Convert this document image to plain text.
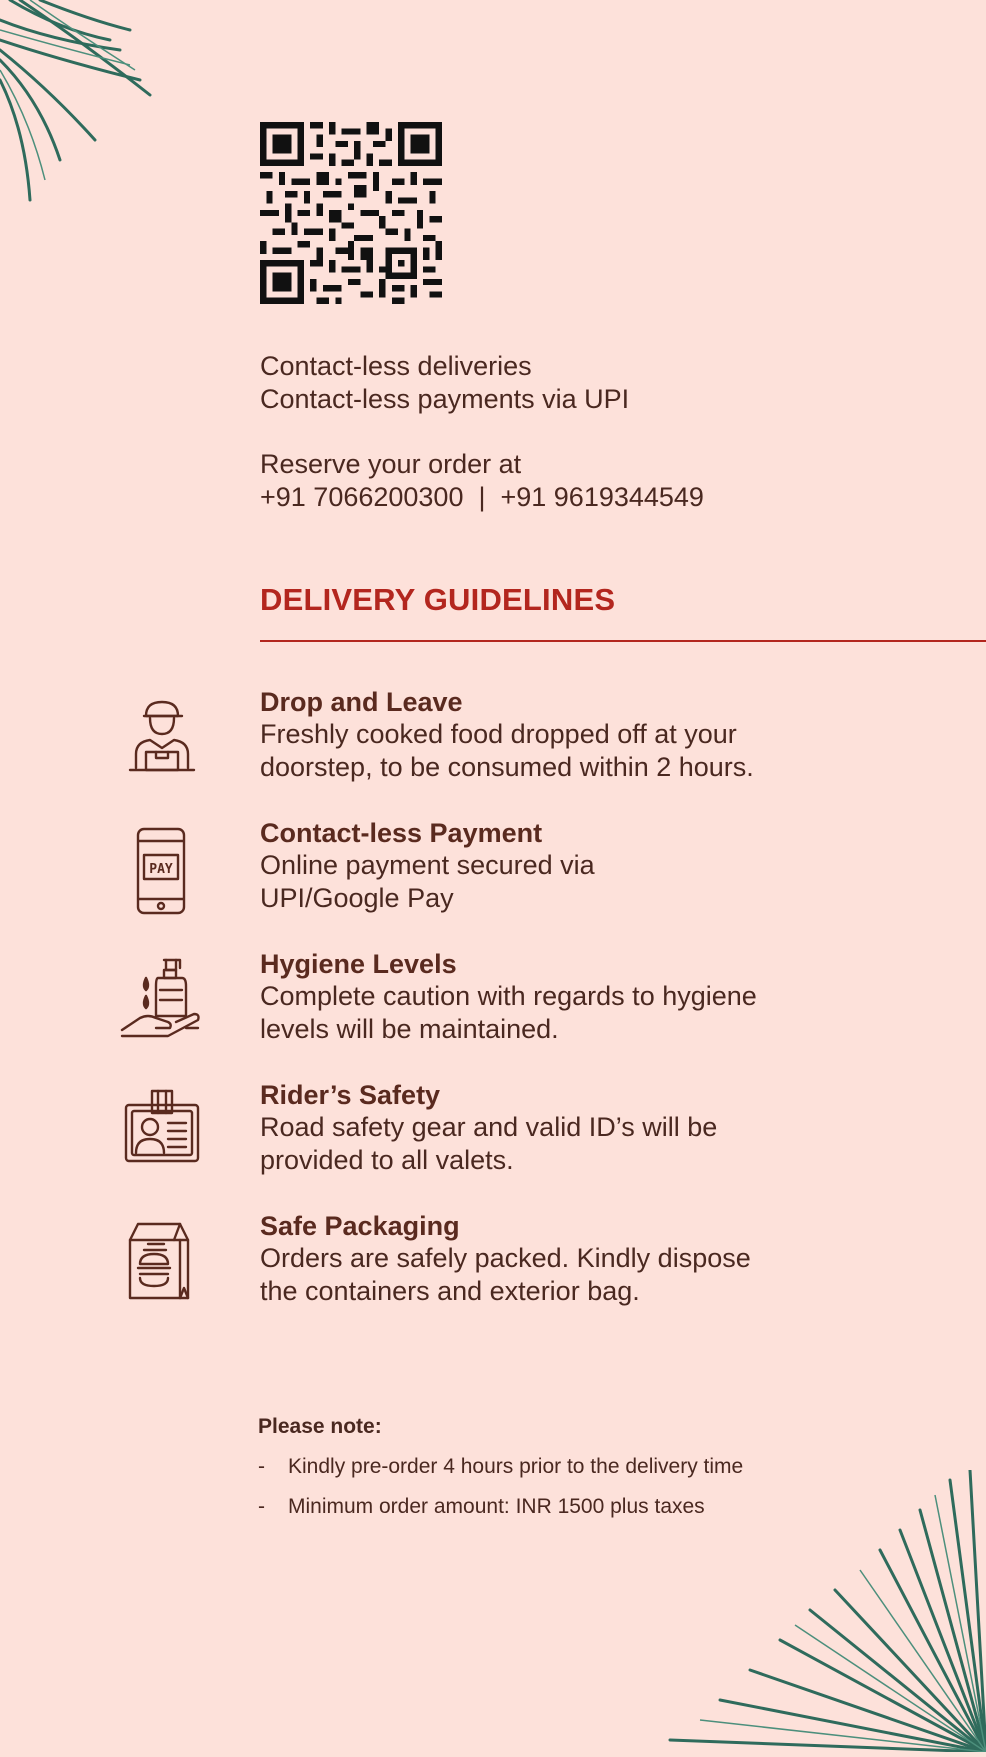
Contact-less deliveries

Contact-less payments via UPI

Reserve your order at

+91 7066200300  |  +91 9619344549

DELIVERY GUIDELINES
Drop and Leave
Freshly cooked food dropped off at your
doorstep, to be consumed within 2 hours.
PAY
Contact-less Payment
Online payment secured via
UPI/Google Pay
Hygiene Levels
Complete caution with regards to hygiene
levels will be maintained.
Rider’s Safety
Road safety gear and valid ID’s will be
provided to all valets.
Safe Packaging
Orders are safely packed. Kindly dispose
the containers and exterior bag.
Please note:
- Kindly pre-order 4 hours prior to the delivery time
- Minimum order amount: INR 1500 plus taxes
